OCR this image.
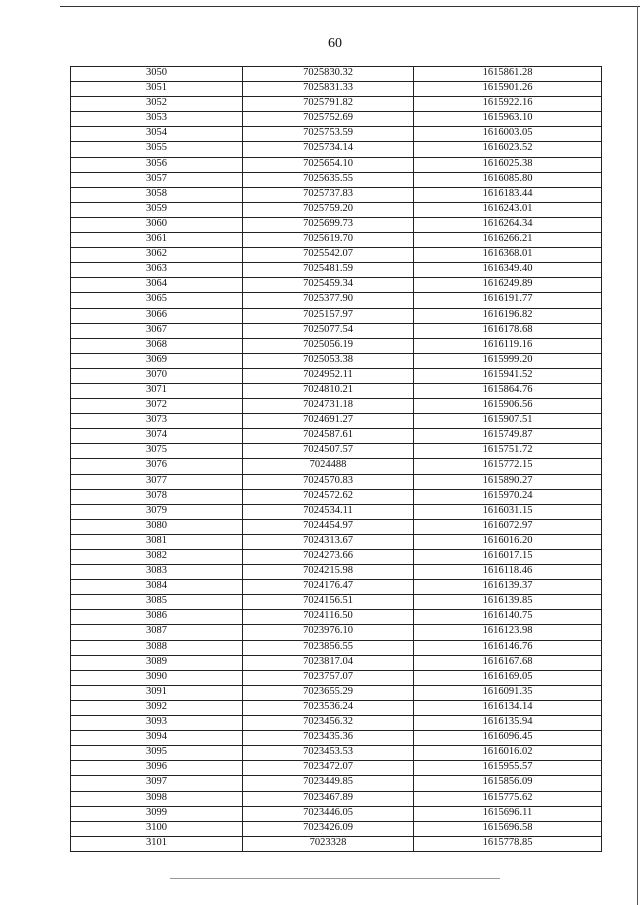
60
3050	7025830.32	1615861.28
3051	7025831.33	1615901.26
3052	7025791.82	1615922.16
3053	7025752.69	1615963.10
3054	7025753.59	1616003.05
3055	7025734.14	1616023.52
3056	7025654.10	1616025.38
3057	7025635.55	1616085.80
3058	7025737.83	1616183.44
3059	7025759.20	1616243.01
3060	7025699.73	1616264.34
3061	7025619.70	1616266.21
3062	7025542.07	1616368.01
3063	7025481.59	1616349.40
3064	7025459.34	1616249.89
3065	7025377.90	1616191.77
3066	7025157.97	1616196.82
3067	7025077.54	1616178.68
3068	7025056.19	1616119.16
3069	7025053.38	1615999.20
3070	7024952.11	1615941.52
3071	7024810.21	1615864.76
3072	7024731.18	1615906.56
3073	7024691.27	1615907.51
3074	7024587.61	1615749.87
3075	7024507.57	1615751.72
3076	7024488	1615772.15
3077	7024570.83	1615890.27
3078	7024572.62	1615970.24
3079	7024534.11	1616031.15
3080	7024454.97	1616072.97
3081	7024313.67	1616016.20
3082	7024273.66	1616017.15
3083	7024215.98	1616118.46
3084	7024176.47	1616139.37
3085	7024156.51	1616139.85
3086	7024116.50	1616140.75
3087	7023976.10	1616123.98
3088	7023856.55	1616146.76
3089	7023817.04	1616167.68
3090	7023757.07	1616169.05
3091	7023655.29	1616091.35
3092	7023536.24	1616134.14
3093	7023456.32	1616135.94
3094	7023435.36	1616096.45
3095	7023453.53	1616016.02
3096	7023472.07	1615955.57
3097	7023449.85	1615856.09
3098	7023467.89	1615775.62
3099	7023446.05	1615696.11
3100	7023426.09	1615696.58
3101	7023328	1615778.85
